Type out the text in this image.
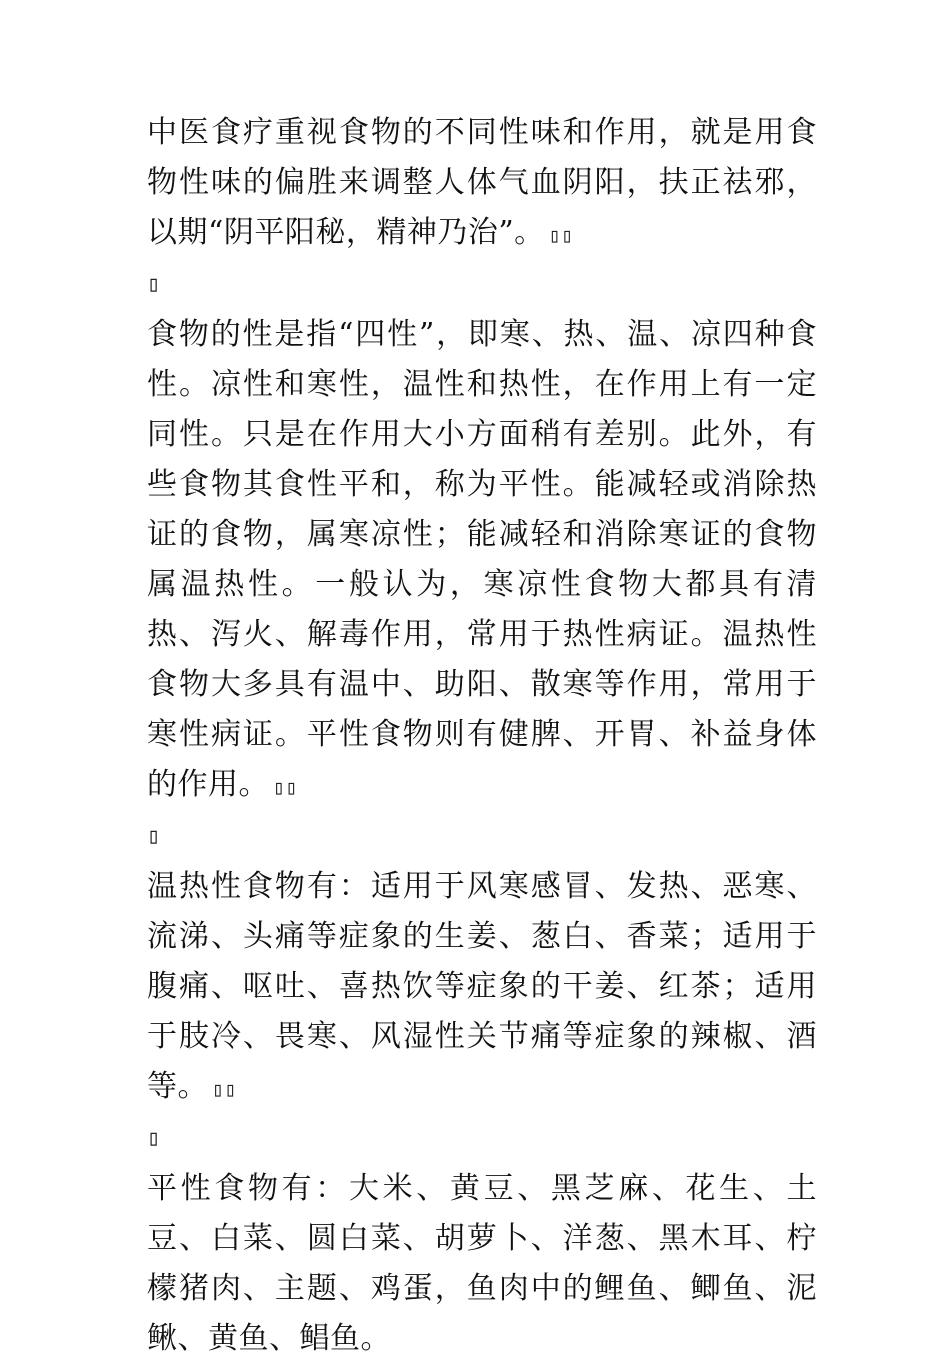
中医食疗重视食物的不同性味和作用，就是用食物性味的偏胜来调整人体气血阴阳，扶正祛邪，以期“阴平阳秘，精神乃治”。 ▯▯

▯

食物的性是指“四性”，即寒、热、温、凉四种食性。凉性和寒性，温性和热性，在作用上有一定同性。只是在作用大小方面稍有差别。此外，有些食物其食性平和，称为平性。能减轻或消除热证的食物，属寒凉性；能减轻和消除寒证的食物属温热性。一般认为，寒凉性食物大都具有清热、泻火、解毒作用，常用于热性病证。温热性食物大多具有温中、助阳、散寒等作用，常用于寒性病证。平性食物则有健脾、开胃、补益身体的作用。 ▯▯

▯

温热性食物有：适用于风寒感冒、发热、恶寒、流涕、头痛等症象的生姜、葱白、香菜；适用于腹痛、呕吐、喜热饮等症象的干姜、红茶；适用于肢冷、畏寒、风湿性关节痛等症象的辣椒、酒等。 ▯▯

▯

平性食物有：大米、黄豆、黑芝麻、花生、土豆、白菜、圆白菜、胡萝卜、洋葱、黑木耳、柠檬猪肉、主题、鸡蛋，鱼肉中的鲤鱼、鲫鱼、泥鳅、黄鱼、鲳鱼。
